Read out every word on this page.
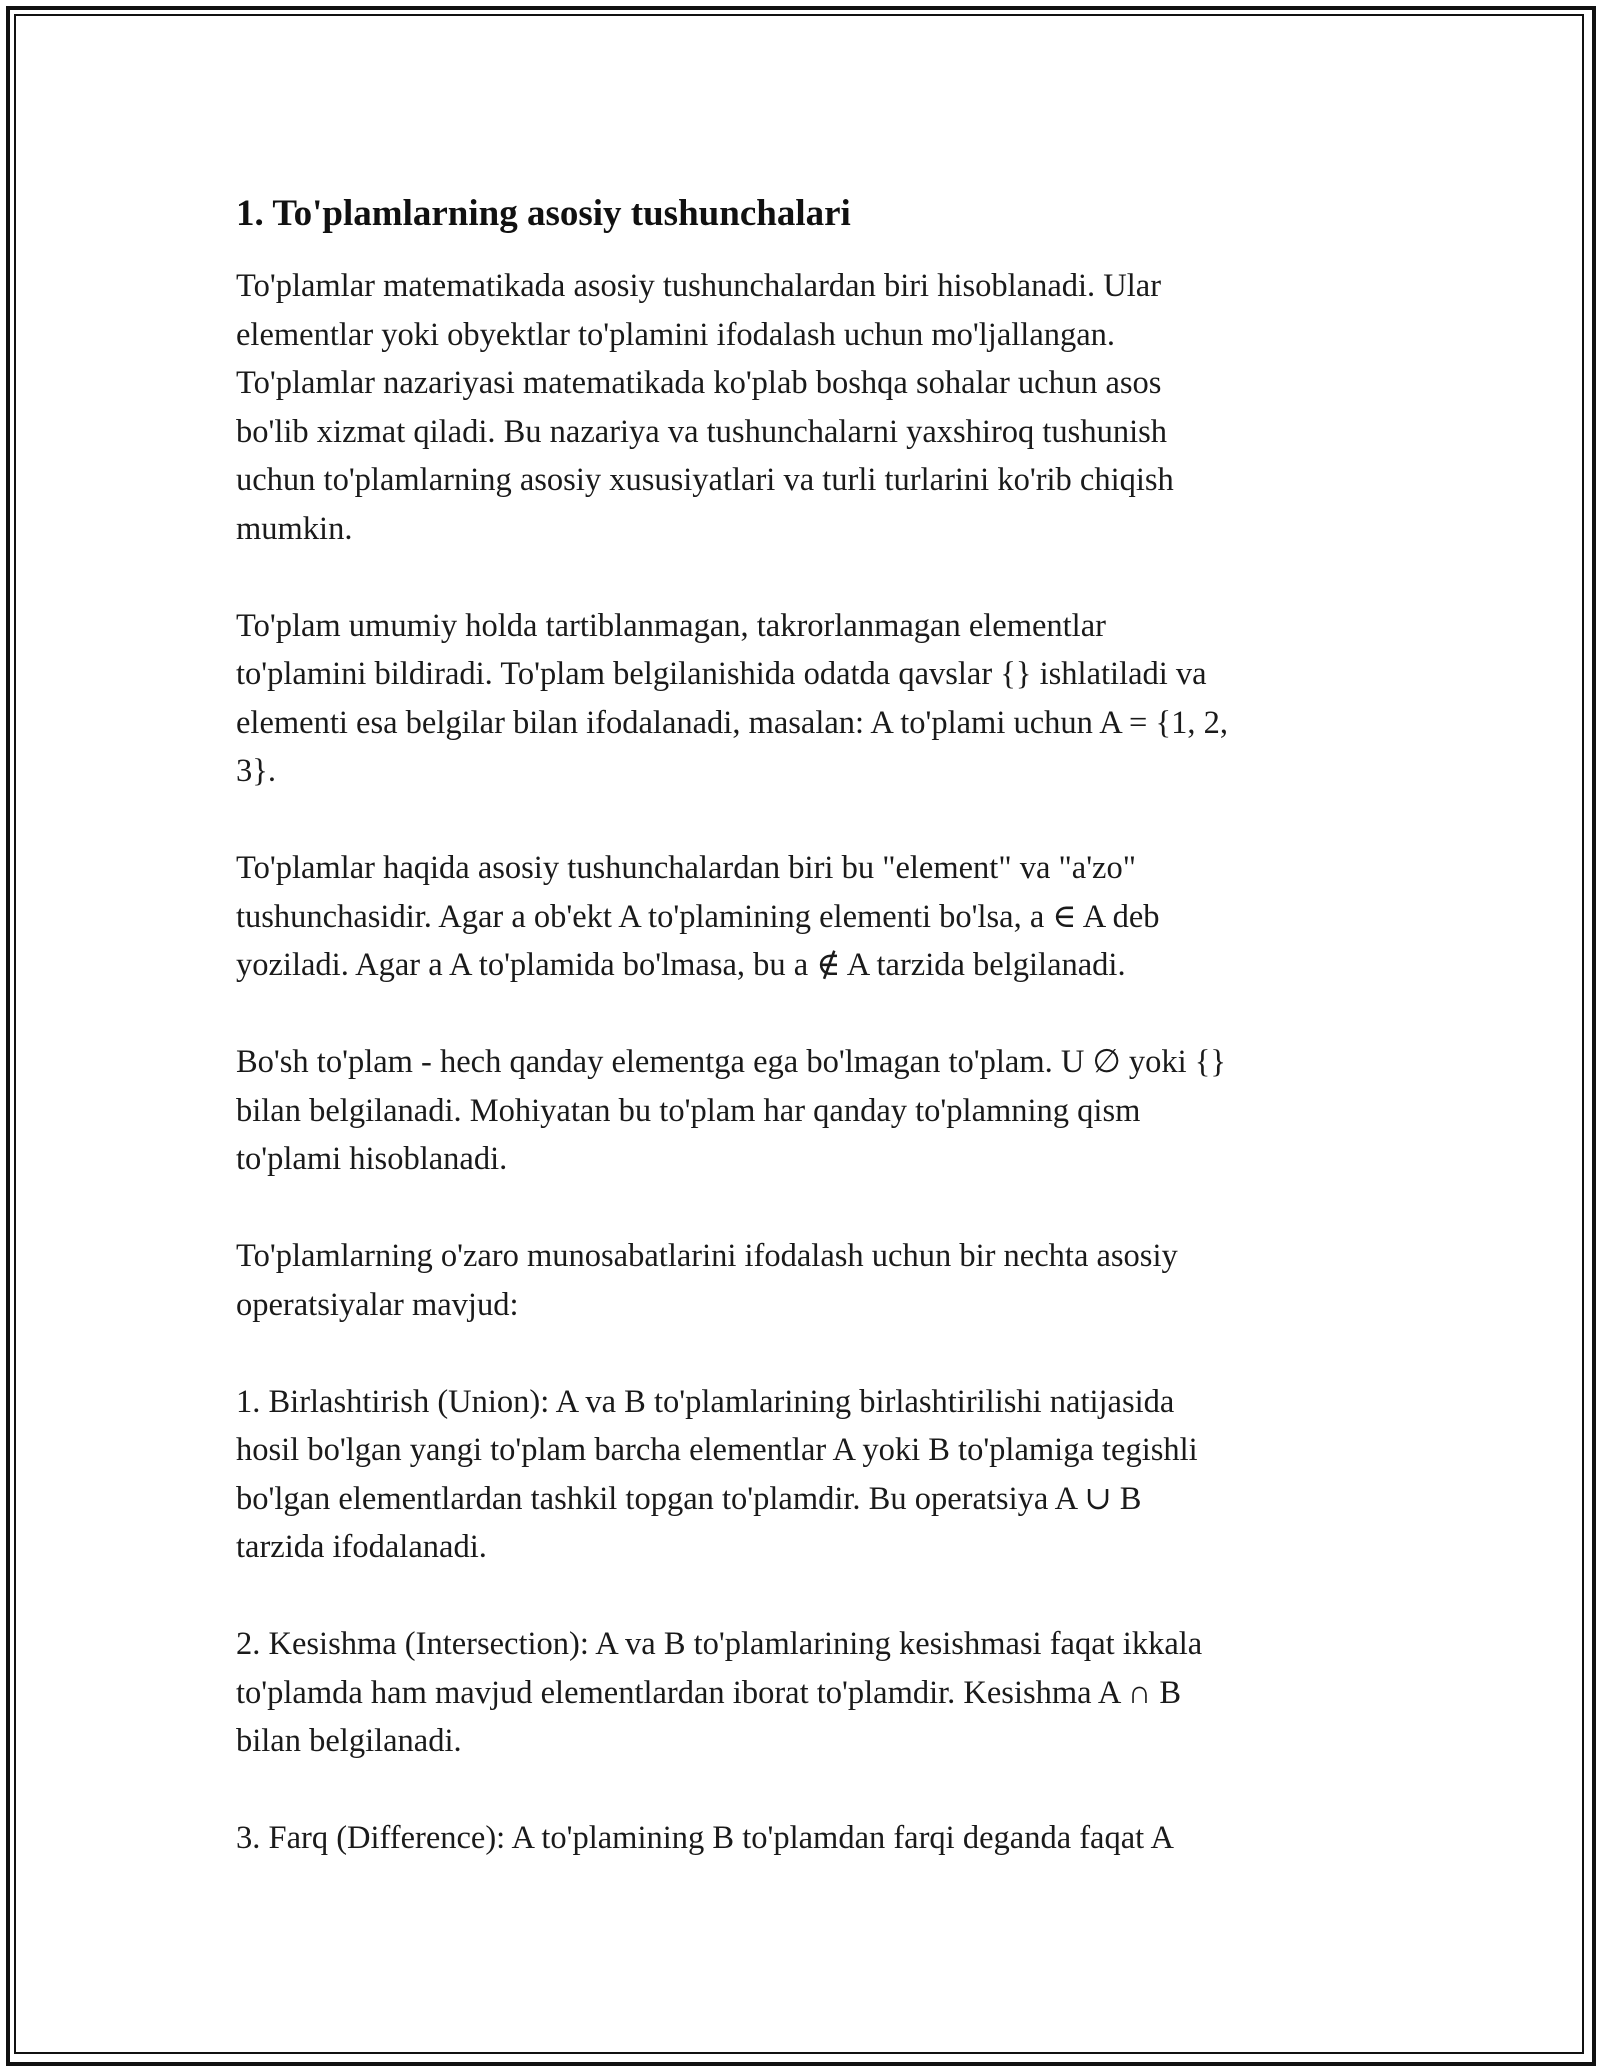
1. To'plamlarning asosiy tushunchalari

To'plamlar matematikada asosiy tushunchalardan biri hisoblanadi. Ular
elementlar yoki obyektlar to'plamini ifodalash uchun mo'ljallangan.
To'plamlar nazariyasi matematikada ko'plab boshqa sohalar uchun asos
bo'lib xizmat qiladi. Bu nazariya va tushunchalarni yaxshiroq tushunish
uchun to'plamlarning asosiy xususiyatlari va turli turlarini ko'rib chiqish
mumkin.

To'plam umumiy holda tartiblanmagan, takrorlanmagan elementlar
to'plamini bildiradi. To'plam belgilanishida odatda qavslar {} ishlatiladi va
elementi esa belgilar bilan ifodalanadi, masalan: A to'plami uchun A = {1, 2,
3}.

To'plamlar haqida asosiy tushunchalardan biri bu "element" va "a'zo"
tushunchasidir. Agar a ob'ekt A to'plamining elementi bo'lsa, a ∈ A deb
yoziladi. Agar a A to'plamida bo'lmasa, bu a ∉ A tarzida belgilanadi.

Bo'sh to'plam - hech qanday elementga ega bo'lmagan to'plam. U ∅ yoki {}
bilan belgilanadi. Mohiyatan bu to'plam har qanday to'plamning qism
to'plami hisoblanadi.

To'plamlarning o'zaro munosabatlarini ifodalash uchun bir nechta asosiy
operatsiyalar mavjud:

1. Birlashtirish (Union): A va B to'plamlarining birlashtirilishi natijasida
hosil bo'lgan yangi to'plam barcha elementlar A yoki B to'plamiga tegishli
bo'lgan elementlardan tashkil topgan to'plamdir. Bu operatsiya A ∪ B
tarzida ifodalanadi.

2. Kesishma (Intersection): A va B to'plamlarining kesishmasi faqat ikkala
to'plamda ham mavjud elementlardan iborat to'plamdir. Kesishma A ∩ B
bilan belgilanadi.

3. Farq (Difference): A to'plamining B to'plamdan farqi deganda faqat A
